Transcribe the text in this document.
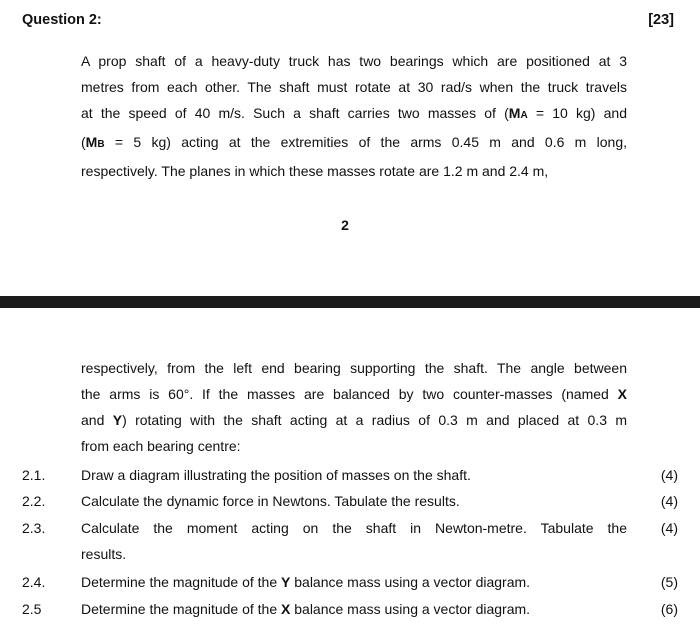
Question 2:	[23]
A prop shaft of a heavy-duty truck has two bearings which are positioned at 3
metres from each other. The shaft must rotate at 30 rad/s when the truck travels
at the speed of 40 m/s. Such a shaft carries two masses of (MA = 10 kg) and
(MB = 5 kg) acting at the extremities of the arms 0.45 m and 0.6 m long,
respectively. The planes in which these masses rotate are 1.2 m and 2.4 m,
2
respectively, from the left end bearing supporting the shaft. The angle between
the arms is 60°. If the masses are balanced by two counter-masses (named X
and Y) rotating with the shaft acting at a radius of 0.3 m and placed at 0.3 m
from each bearing centre:
2.1.	Draw a diagram illustrating the position of masses on the shaft.	(4)
2.2.	Calculate the dynamic force in Newtons. Tabulate the results.	(4)
2.3.	Calculate the moment acting on the shaft in Newton-metre. Tabulate the
results.
(4)
2.4.	Determine the magnitude of the Y balance mass using a vector diagram.	(5)
2.5	Determine the magnitude of the X balance mass using a vector diagram.	(6)
